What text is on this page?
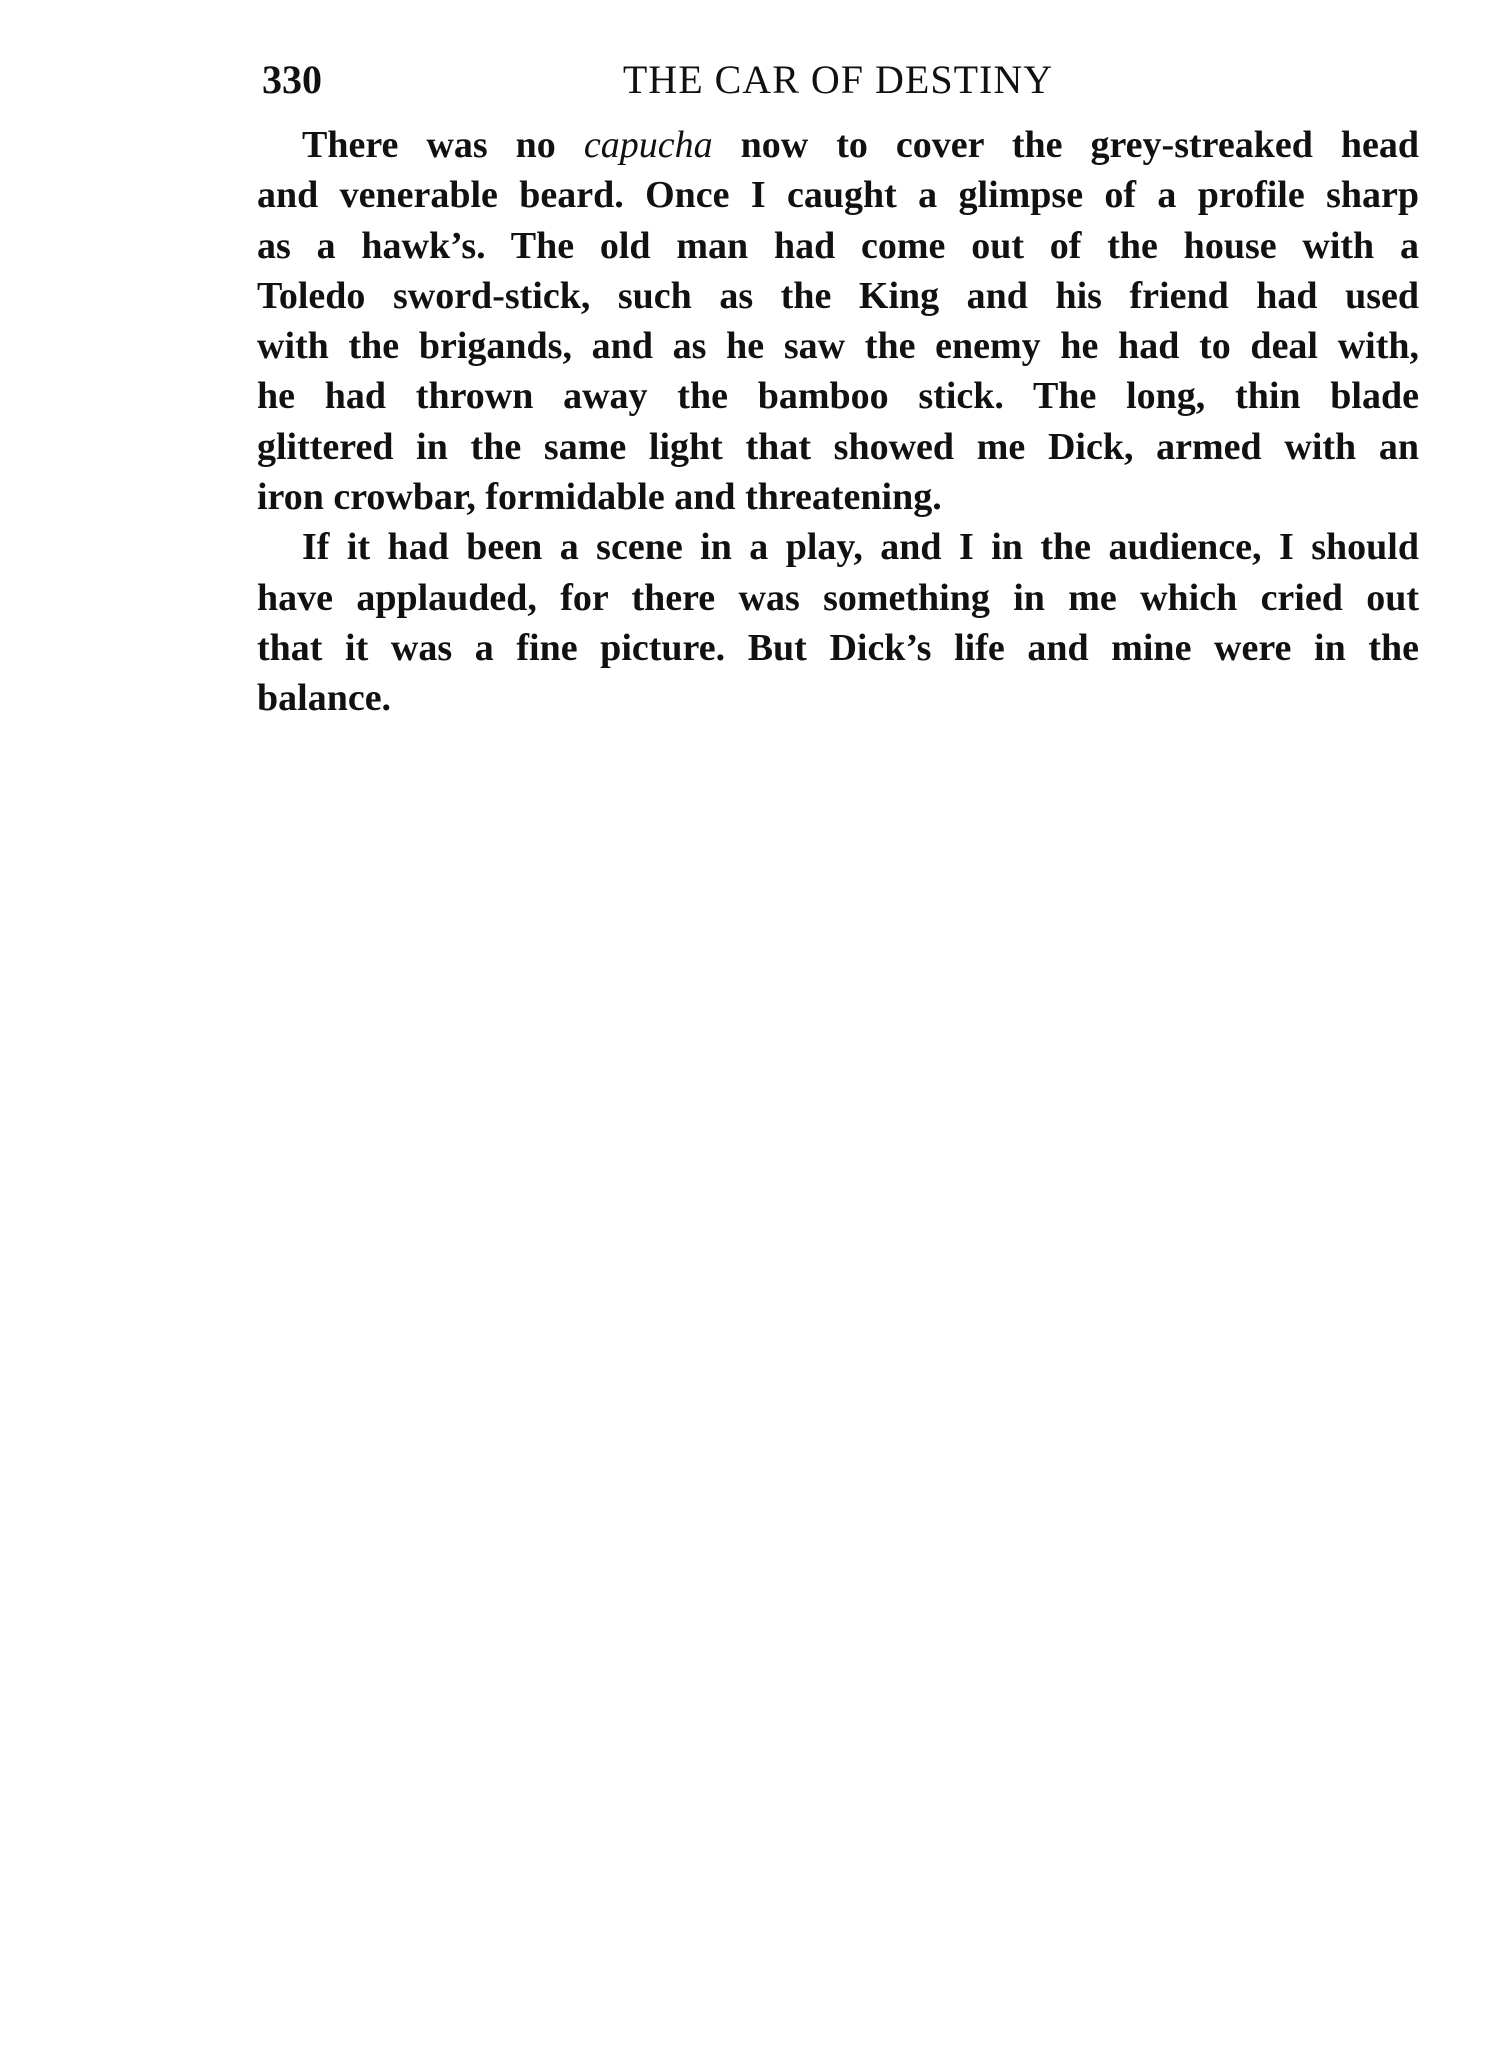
330	THE CAR OF DESTINY

There was no capucha now to cover the grey-streaked head
and venerable beard. Once I caught a glimpse of a profile sharp
as a hawk’s. The old man had come out of the house with a
Toledo sword-stick, such as the King and his friend had used
with the brigands, and as he saw the enemy he had to deal with,
he had thrown away the bamboo stick. The long, thin blade
glittered in the same light that showed me Dick, armed with an
iron crowbar, formidable and threatening.

If it had been a scene in a play, and I in the audience, I should
have applauded, for there was something in me which cried out
that it was a fine picture. But Dick’s life and mine were in the
balance.
